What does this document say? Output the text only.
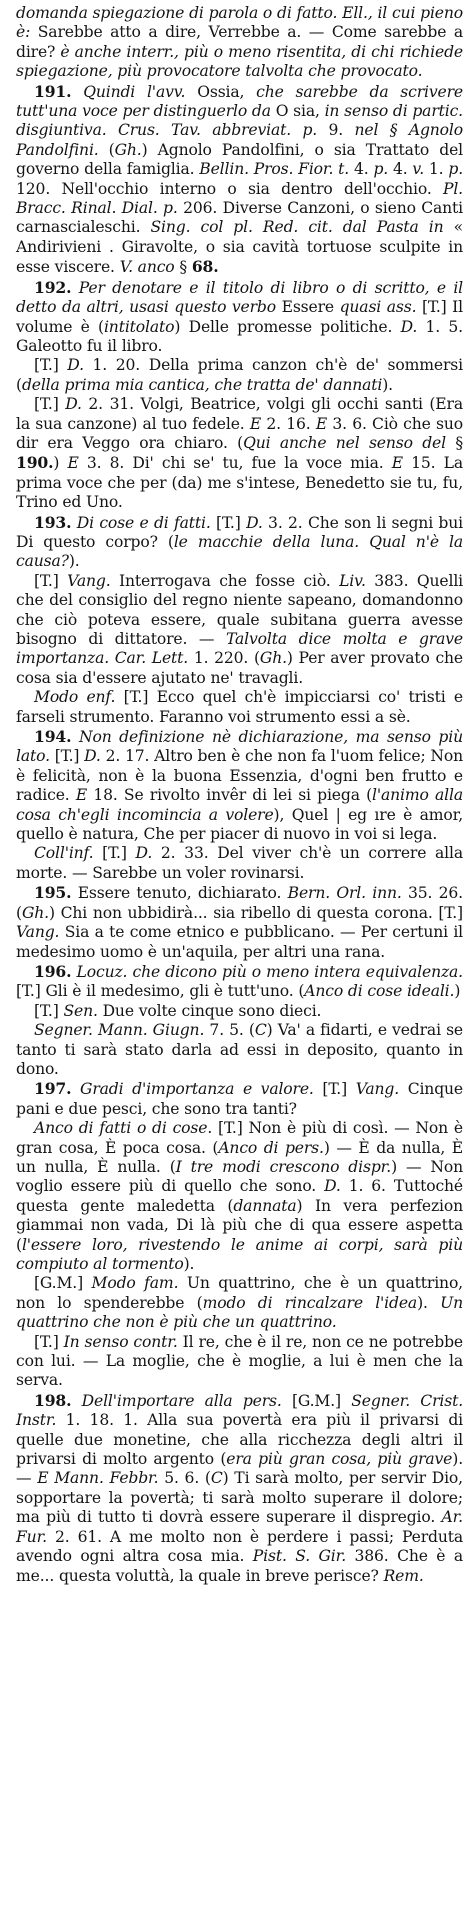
domanda spiegazione di parola o di fatto. Ell., il cui pieno è: Sarebbe atto a dire, Verrebbe a. — Come sarebbe a dire? è anche interr., più o meno risentita, di chi richiede spiegazione, più provocatore talvolta che provocato.

191. Quindi l'avv. Ossia, che sarebbe da scrivere tutt'una voce per distinguerlo da O sia, in senso di partic. disgiuntiva. Crus. Tav. abbreviat. p. 9. nel § Agnolo Pandolfini. (Gh.) Agnolo Pandolfini, o sia Trattato del governo della famiglia. Bellin. Pros. Fior. t. 4. p. 4. v. 1. p. 120. Nell'occhio interno o sia dentro dell'occhio. Pl. Bracc. Rinal. Dial. p. 206. Diverse Canzoni, o sieno Canti carnascialeschi. Sing. col pl. Red. cit. dal Pasta in « Andirivieni . Giravolte, o sia cavità tortuose sculpite in esse viscere. V. anco § 68.

192. Per denotare e il titolo di libro o di scritto, e il detto da altri, usasi questo verbo Essere quasi ass. [T.] Il volume è (intitolato) Delle promesse politiche. D. 1. 5. Galeotto fu il libro.

[T.] D. 1. 20. Della prima canzon ch'è de' sommersi (della prima mia cantica, che tratta de' dannati).

[T.] D. 2. 31. Volgi, Beatrice, volgi gli occhi santi (Era la sua canzone) al tuo fedele. E 2. 16. E 3. 6. Ciò che suo dir era Veggo ora chiaro. (Qui anche nel senso del § 190.) E 3. 8. Di' chi se' tu, fue la voce mia. E 15. La prima voce che per (da) me s'intese, Benedetto sie tu, fu, Trino ed Uno.

193. Di cose e di fatti. [T.] D. 3. 2. Che son li segni bui Di questo corpo? (le macchie della luna. Qual n'è la causa?).

[T.] Vang. Interrogava che fosse ciò. Liv. 383. Quelli che del consiglio del regno niente sapeano, domandonno che ciò poteva essere, quale subitana guerra avesse bisogno di dittatore. — Talvolta dice molta e grave importanza. Car. Lett. 1. 220. (Gh.) Per aver provato che cosa sia d'essere ajutato ne' travagli.

Modo enf. [T.] Ecco quel ch'è impicciarsi co' tristi e farseli strumento. Faranno voi strumento essi a sè.

194. Non definizione nè dichiarazione, ma senso più lato. [T.] D. 2. 17. Altro ben è che non fa l'uom felice; Non è felicità, non è la buona Essenzia, d'ogni ben frutto e radice. E 18. Se rivolto invêr di lei si piega (l'animo alla cosa ch'egli incomincia a volere), Quel | eg ıre è amor, quello è natura, Che per piacer di nuovo in voi si lega.

Coll'inf. [T.] D. 2. 33. Del viver ch'è un correre alla morte. — Sarebbe un voler rovinarsi.

195. Essere tenuto, dichiarato. Bern. Orl. inn. 35. 26. (Gh.) Chi non ubbidirà... sia ribello di questa corona. [T.] Vang. Sia a te come etnico e pubblicano. — Per certuni il medesimo uomo è un'aquila, per altri una rana.

196. Locuz. che dicono più o meno intera equivalenza. [T.] Gli è il medesimo, gli è tutt'uno. (Anco di cose ideali.)

[T.] Sen. Due volte cinque sono dieci.

Segner. Mann. Giugn. 7. 5. (C) Va' a fidarti, e vedrai se tanto ti sarà stato darla ad essi in deposito, quanto in dono.

197. Gradi d'importanza e valore. [T.] Vang. Cinque pani e due pesci, che sono tra tanti?

Anco di fatti o di cose. [T.] Non è più di così. — Non è gran cosa, È poca cosa. (Anco di pers.) — È da nulla, È un nulla, È nulla. (I tre modi crescono dispr.) — Non voglio essere più di quello che sono. D. 1. 6. Tuttoché questa gente maledetta (dannata) In vera perfezion giammai non vada, Di là più che di qua essere aspetta (l'essere loro, rivestendo le anime ai corpi, sarà più compiuto al tormento).

[G.M.] Modo fam. Un quattrino, che è un quattrino, non lo spenderebbe (modo di rincalzare l'idea). Un quattrino che non è più che un quattrino.

[T.] In senso contr. Il re, che è il re, non ce ne potrebbe con lui. — La moglie, che è moglie, a lui è men che la serva.

198. Dell'importare alla pers. [G.M.] Segner. Crist. Instr. 1. 18. 1. Alla sua povertà era più il privarsi di quelle due monetine, che alla ricchezza degli altri il privarsi di molto argento (era più gran cosa, più grave). — E Mann. Febbr. 5. 6. (C) Ti sarà molto, per servir Dio, sopportare la povertà; ti sarà molto superare il dolore; ma più di tutto ti dovrà essere superare il dispregio. Ar. Fur. 2. 61. A me molto non è perdere i passi; Perduta avendo ogni altra cosa mia. Pist. S. Gir. 386. Che è a me... questa voluttà, la quale in breve perisce? Rem.
